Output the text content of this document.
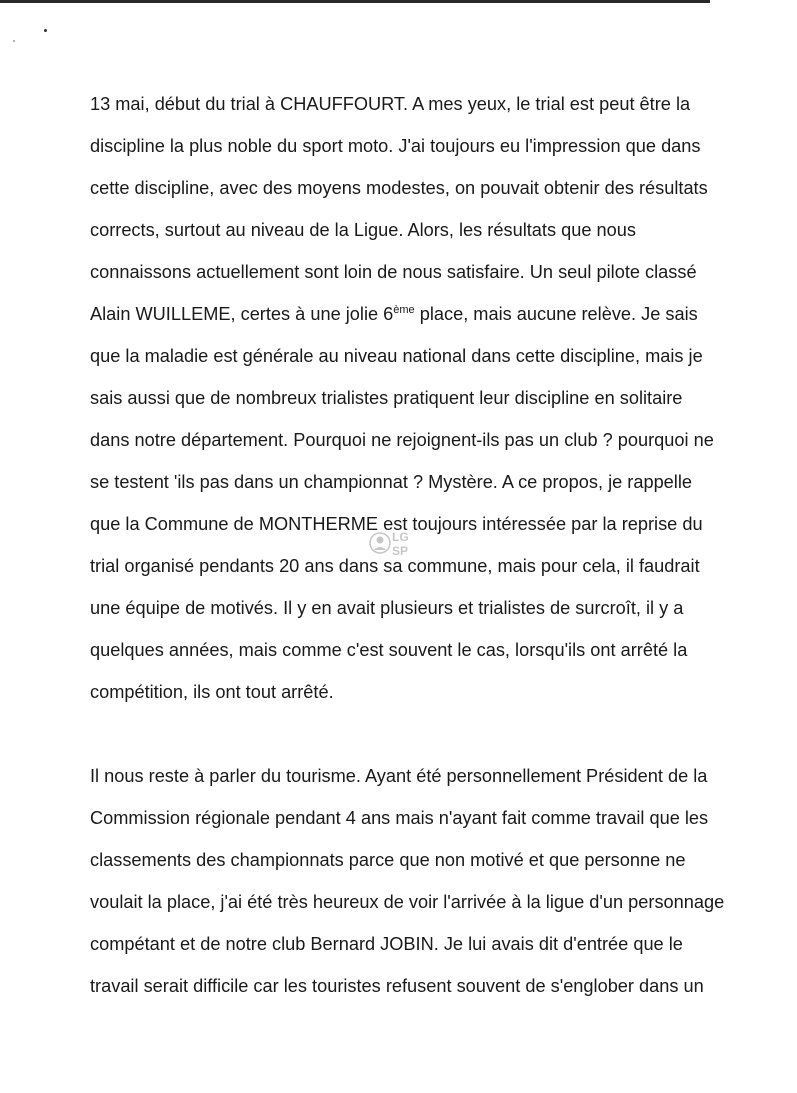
13 mai, début du trial à CHAUFFOURT. A mes yeux, le trial est peut être la
discipline la plus noble du sport moto. J'ai toujours eu l'impression que dans
cette discipline, avec des moyens modestes, on pouvait obtenir des résultats
corrects, surtout au niveau de la Ligue. Alors, les résultats que nous
connaissons actuellement sont loin de nous satisfaire. Un seul pilote classé
Alain WUILLEME, certes à une jolie 6ème place, mais aucune relève. Je sais
que la maladie est générale au niveau national dans cette discipline, mais je
sais aussi que de nombreux trialistes pratiquent leur discipline en solitaire
dans notre département. Pourquoi ne rejoignent-ils pas un club ? pourquoi ne
se testent 'ils pas dans un championnat ? Mystère. A ce propos, je rappelle
que la Commune de MONTHERME est toujours intéressée par la reprise du
trial organisé pendants 20 ans dans sa commune, mais pour cela, il faudrait
une équipe de motivés. Il y en avait plusieurs et trialistes de surcroît, il y a
quelques années, mais comme c'est souvent le cas, lorsqu'ils ont arrêté la
compétition, ils ont tout arrêté.
Il nous reste à parler du tourisme. Ayant été personnellement Président de la
Commission régionale pendant 4 ans mais n'ayant fait comme travail que les
classements des championnats parce que non motivé et que personne ne
voulait la place, j'ai été très heureux de voir l'arrivée à la ligue d'un personnage
compétant et de notre club Bernard JOBIN. Je lui avais dit d'entrée que le
travail serait difficile car les touristes refusent souvent de s'englober dans un
LG
SP
